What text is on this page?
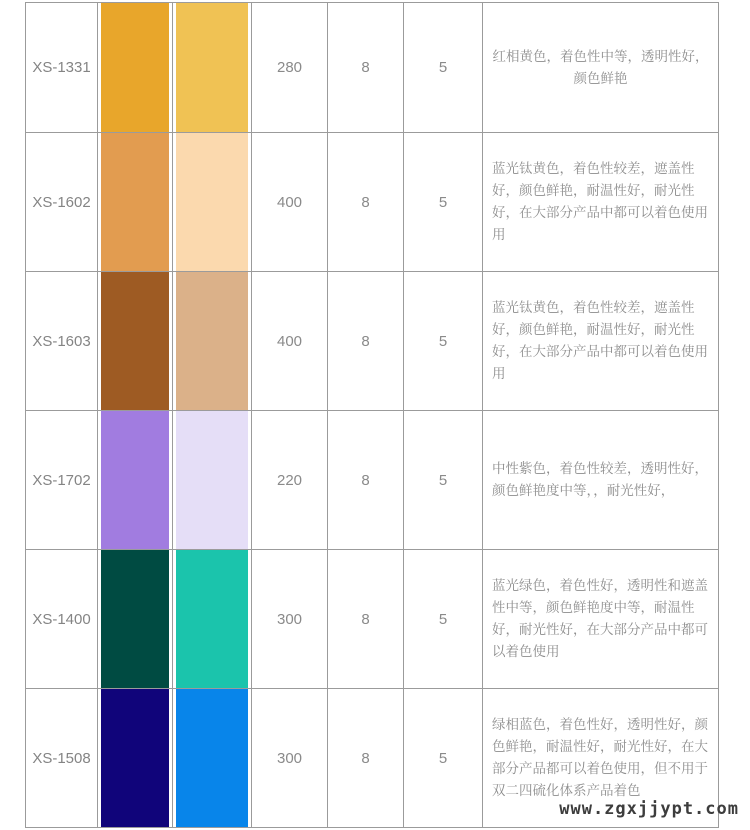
XS-1331			280	8	5	红相黄色，着色性中等，透明性好，颜色鲜艳
XS-1602			400	8	5	蓝光钛黄色，着色性较差，遮盖性好，颜色鲜艳，耐温性好，耐光性好，在大部分产品中都可以着色使用用
XS-1603			400	8	5	蓝光钛黄色，着色性较差，遮盖性好，颜色鲜艳，耐温性好，耐光性好，在大部分产品中都可以着色使用用
XS-1702			220	8	5	中性紫色，着色性较差，透明性好，颜色鲜艳度中等，，耐光性好，
XS-1400			300	8	5	蓝光绿色，着色性好，透明性和遮盖性中等，颜色鲜艳度中等，耐温性好，耐光性好，在大部分产品中都可以着色使用
XS-1508			300	8	5	绿相蓝色，着色性好，透明性好，颜色鲜艳，耐温性好，耐光性好，在大部分产品都可以着色使用，但不用于双二四硫化体系产品着色
www.zgxjjypt.com
